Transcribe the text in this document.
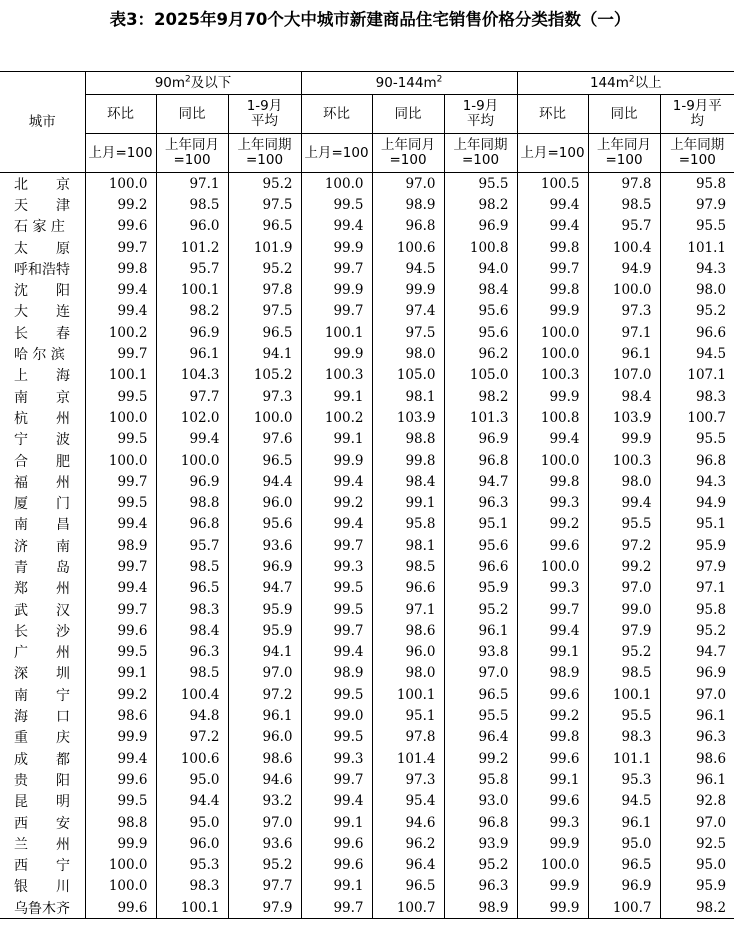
表3：2025年9月70个大中城市新建商品住宅销售价格分类指数（一）
城市	$90m^2$及以下			$90-144m^2$			$144m^2$以上		
	环比	同比	1-9月平均	环比	同比	1-9月平均	环比	同比	1-9月平均
	上月=100	上年同月=100	上年同期=100	上月=100	上年同月=100	上年同期=100	上月=100	上年同月=100	上年同期=100
北　　京	100.0	97.1	95.2	100.0	97.0	95.5	100.5	97.8	95.8
天　　津	99.2	98.5	97.5	99.5	98.9	98.2	99.4	98.5	97.9
石 家 庄	99.6	96.0	96.5	99.4	96.8	96.9	99.4	95.7	95.5
太　　原	99.7	101.2	101.9	99.9	100.6	100.8	99.8	100.4	101.1
呼和浩特	99.8	95.7	95.2	99.7	94.5	94.0	99.7	94.9	94.3
沈　　阳	99.4	100.1	97.8	99.9	99.9	98.4	99.8	100.0	98.0
大　　连	99.4	98.2	97.5	99.7	97.4	95.6	99.9	97.3	95.2
长　　春	100.2	96.9	96.5	100.1	97.5	95.6	100.0	97.1	96.6
哈 尔 滨	99.7	96.1	94.1	99.9	98.0	96.2	100.0	96.1	94.5
上　　海	100.1	104.3	105.2	100.3	105.0	105.0	100.3	107.0	107.1
南　　京	99.5	97.7	97.3	99.1	98.1	98.2	99.9	98.4	98.3
杭　　州	100.0	102.0	100.0	100.2	103.9	101.3	100.8	103.9	100.7
宁　　波	99.5	99.4	97.6	99.1	98.8	96.9	99.4	99.9	95.5
合　　肥	100.0	100.0	96.5	99.9	99.8	96.8	100.0	100.3	96.8
福　　州	99.7	96.9	94.4	99.4	98.4	94.7	99.8	98.0	94.3
厦　　门	99.5	98.8	96.0	99.2	99.1	96.3	99.3	99.4	94.9
南　　昌	99.4	96.8	95.6	99.4	95.8	95.1	99.2	95.5	95.1
济　　南	98.9	95.7	93.6	99.7	98.1	95.6	99.6	97.2	95.9
青　　岛	99.7	98.5	96.9	99.3	98.5	96.6	100.0	99.2	97.9
郑　　州	99.4	96.5	94.7	99.5	96.6	95.9	99.3	97.0	97.1
武　　汉	99.7	98.3	95.9	99.5	97.1	95.2	99.7	99.0	95.8
长　　沙	99.6	98.4	95.9	99.7	98.6	96.1	99.4	97.9	95.2
广　　州	99.5	96.3	94.1	99.4	96.0	93.8	99.1	95.2	94.7
深　　圳	99.1	98.5	97.0	98.9	98.0	97.0	98.9	98.5	96.9
南　　宁	99.2	100.4	97.2	99.5	100.1	96.5	99.6	100.1	97.0
海　　口	98.6	94.8	96.1	99.0	95.1	95.5	99.2	95.5	96.1
重　　庆	99.9	97.2	96.0	99.5	97.8	96.4	99.8	98.3	96.3
成　　都	99.4	100.6	98.6	99.3	101.4	99.2	99.6	101.1	98.6
贵　　阳	99.6	95.0	94.6	99.7	97.3	95.8	99.1	95.3	96.1
昆　　明	99.5	94.4	93.2	99.4	95.4	93.0	99.6	94.5	92.8
西　　安	98.8	95.0	97.0	99.1	94.6	96.8	99.3	96.1	97.0
兰　　州	99.9	96.0	93.6	99.6	96.2	93.9	99.9	95.0	92.5
西　　宁	100.0	95.3	95.2	99.6	96.4	95.2	100.0	96.5	95.0
银　　川	100.0	98.3	97.7	99.1	96.5	96.3	99.9	96.9	95.9
乌鲁木齐	99.6	100.1	97.9	99.7	100.7	98.9	99.9	100.7	98.2
